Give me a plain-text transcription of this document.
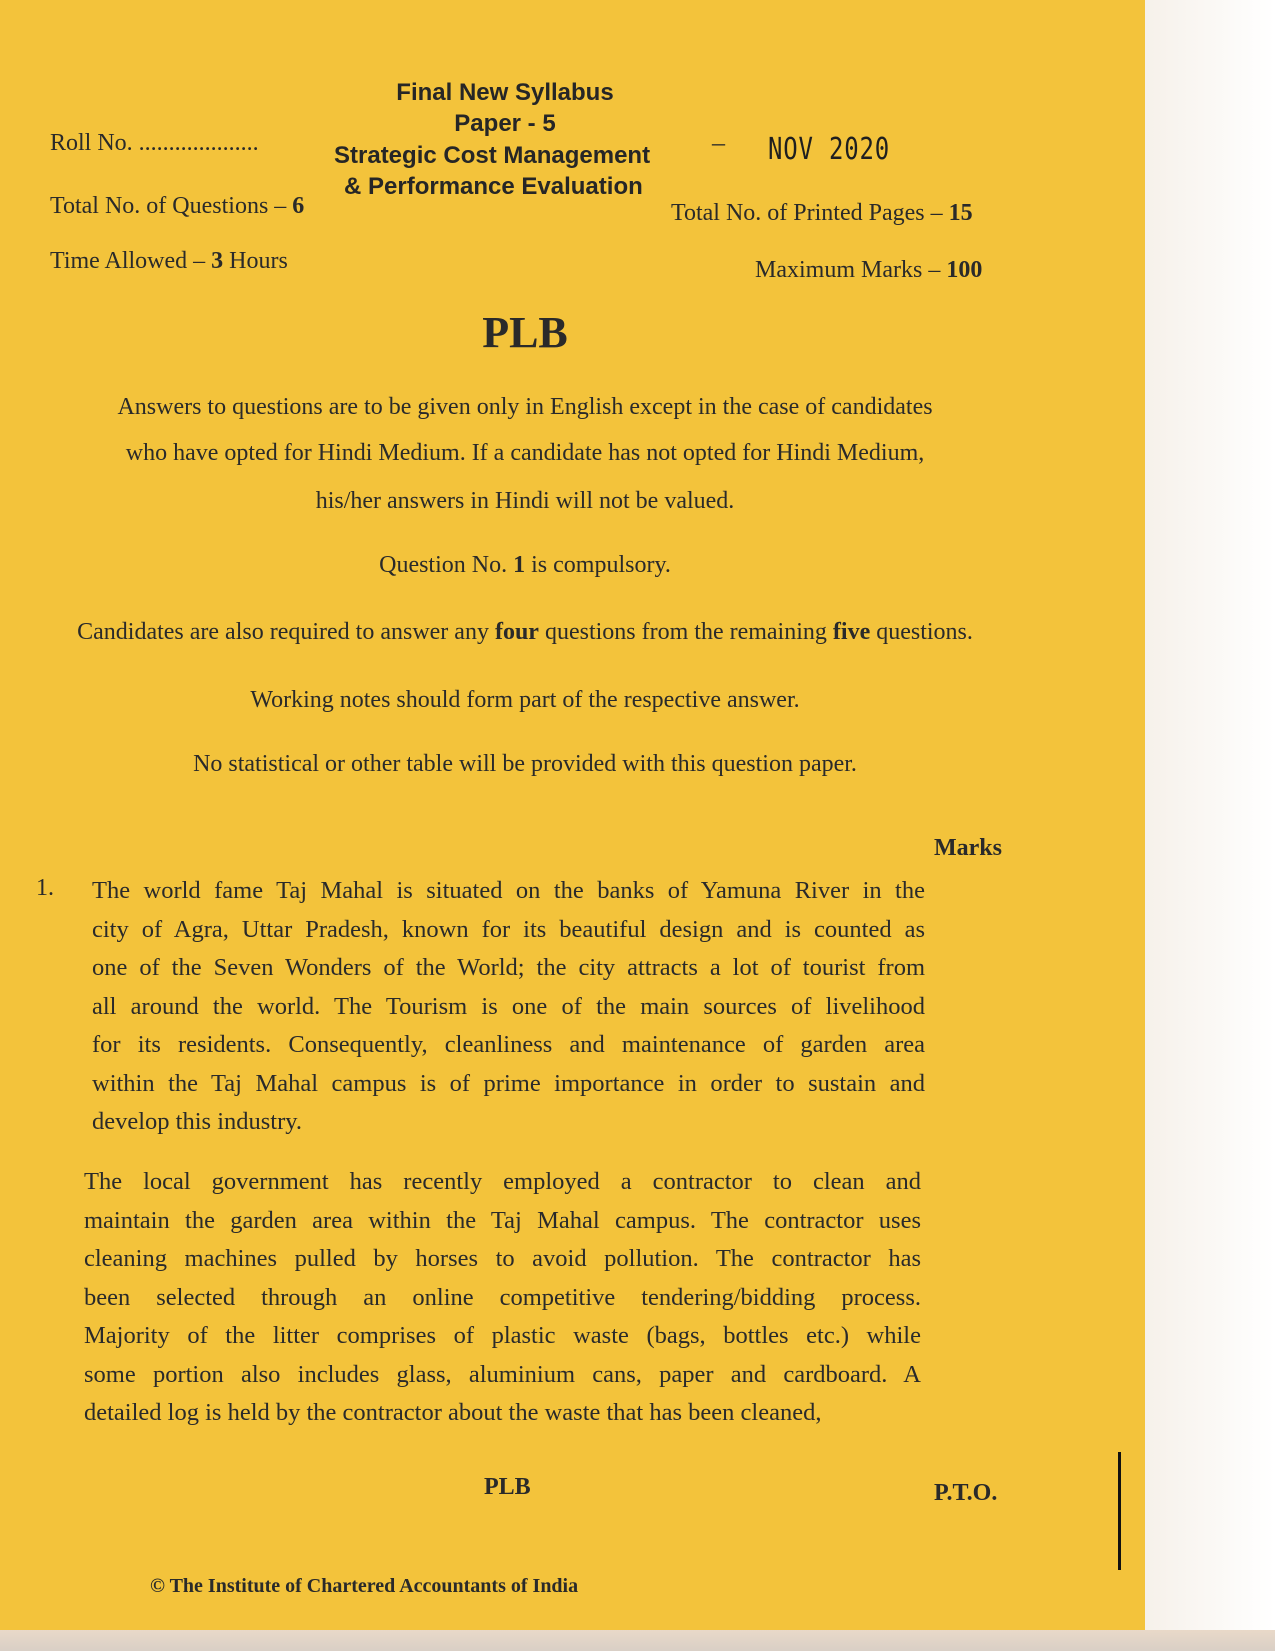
Final New Syllabus

Paper - 5

Strategic Cost Management

& Performance Evaluation

Roll No. ....................	– NOV 2020

Total No. of Questions – 6	Total No. of Printed Pages – 15

Time Allowed – 3 Hours	Maximum Marks – 100

PLB

Answers to questions are to be given only in English except in the case of candidates

who have opted for Hindi Medium. If a candidate has not opted for Hindi Medium,

his/her answers in Hindi will not be valued.

Question No. 1 is compulsory.

Candidates are also required to answer any four questions from the remaining five questions.

Working notes should form part of the respective answer.

No statistical or other table will be provided with this question paper.

Marks

1. The world fame Taj Mahal is situated on the banks of Yamuna River in the
city of Agra, Uttar Pradesh, known for its beautiful design and is counted as
one of the Seven Wonders of the World; the city attracts a lot of tourist from
all around the world. The Tourism is one of the main sources of livelihood
for its residents. Consequently, cleanliness and maintenance of garden area
within the Taj Mahal campus is of prime importance in order to sustain and
develop this industry.
The local government has recently employed a contractor to clean and
maintain the garden area within the Taj Mahal campus. The contractor uses
cleaning machines pulled by horses to avoid pollution. The contractor has
been selected through an online competitive tendering/bidding process.
Majority of the litter comprises of plastic waste (bags, bottles etc.) while
some portion also includes glass, aluminium cans, paper and cardboard. A
detailed log is held by the contractor about the waste that has been cleaned,

PLB	P.T.O.

© The Institute of Chartered Accountants of India
